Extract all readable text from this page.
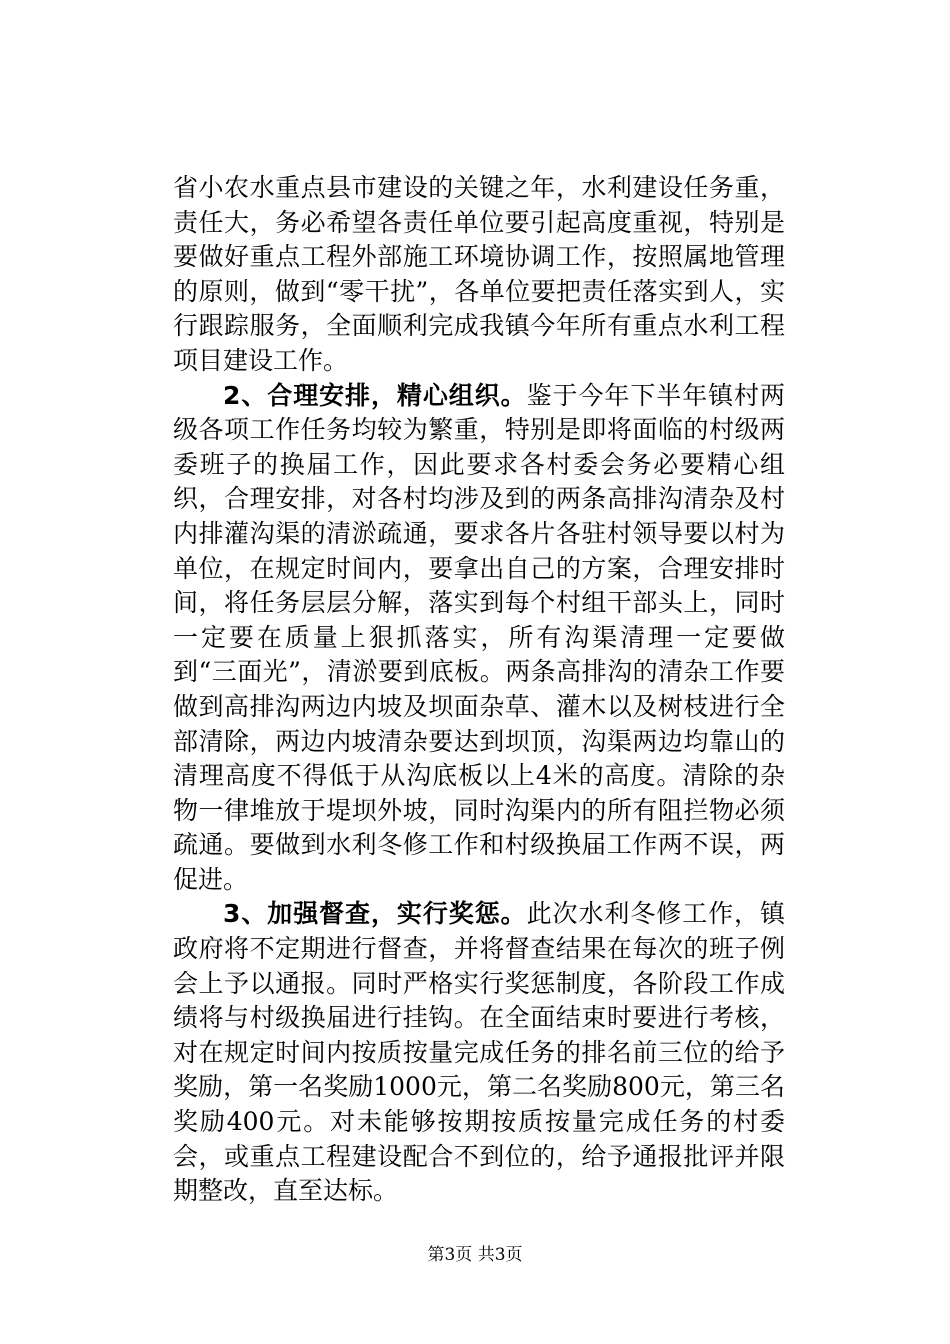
省小农水重点县市建设的关键之年，水利建设任务重，责任大，务必希望各责任单位要引起高度重视，特别是要做好重点工程外部施工环境协调工作，按照属地管理的原则，做到“零干扰”，各单位要把责任落实到人，实行跟踪服务，全面顺利完成我镇今年所有重点水利工程项目建设工作。

2、合理安排，精心组织。鉴于今年下半年镇村两级各项工作任务均较为繁重，特别是即将面临的村级两委班子的换届工作，因此要求各村委会务必要精心组织，合理安排，对各村均涉及到的两条高排沟清杂及村内排灌沟渠的清淤疏通，要求各片各驻村领导要以村为单位，在规定时间内，要拿出自己的方案，合理安排时间，将任务层层分解，落实到每个村组干部头上，同时一定要在质量上狠抓落实，所有沟渠清理一定要做到“三面光”，清淤要到底板。两条高排沟的清杂工作要做到高排沟两边内坡及坝面杂草、灌木以及树枝进行全部清除，两边内坡清杂要达到坝顶，沟渠两边均靠山的清理高度不得低于从沟底板以上4米的高度。清除的杂物一律堆放于堤坝外坡，同时沟渠内的所有阻拦物必须疏通。要做到水利冬修工作和村级换届工作两不误，两促进。

3、加强督查，实行奖惩。此次水利冬修工作，镇政府将不定期进行督查，并将督查结果在每次的班子例会上予以通报。同时严格实行奖惩制度，各阶段工作成绩将与村级换届进行挂钩。在全面结束时要进行考核，对在规定时间内按质按量完成任务的排名前三位的给予奖励，第一名奖励1000元，第二名奖励800元，第三名奖励400元。对未能够按期按质按量完成任务的村委会，或重点工程建设配合不到位的，给予通报批评并限期整改，直至达标。

第3页 共3页
